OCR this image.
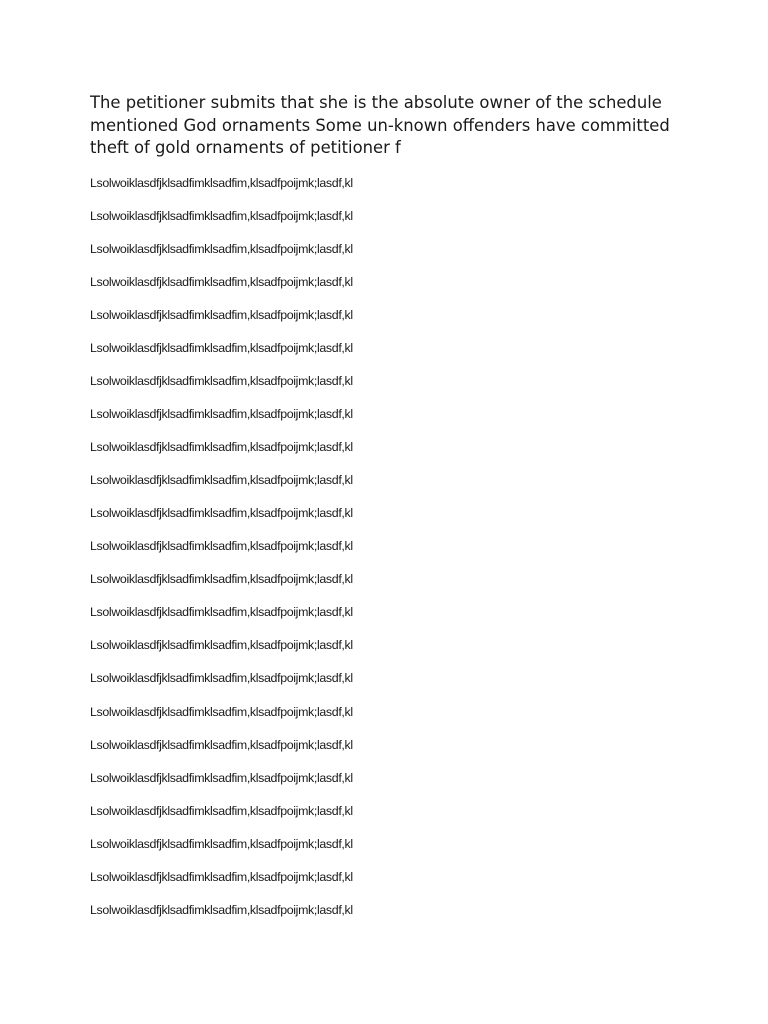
The petitioner submits that she is the absolute owner of the schedule mentioned God ornaments Some un-known offenders have committed theft of gold ornaments of petitioner f

Lsolwoiklasdfjklsadfimklsadfim,klsadfpoijmk;lasdf,kl
Lsolwoiklasdfjklsadfimklsadfim,klsadfpoijmk;lasdf,kl
Lsolwoiklasdfjklsadfimklsadfim,klsadfpoijmk;lasdf,kl
Lsolwoiklasdfjklsadfimklsadfim,klsadfpoijmk;lasdf,kl
Lsolwoiklasdfjklsadfimklsadfim,klsadfpoijmk;lasdf,kl
Lsolwoiklasdfjklsadfimklsadfim,klsadfpoijmk;lasdf,kl
Lsolwoiklasdfjklsadfimklsadfim,klsadfpoijmk;lasdf,kl
Lsolwoiklasdfjklsadfimklsadfim,klsadfpoijmk;lasdf,kl
Lsolwoiklasdfjklsadfimklsadfim,klsadfpoijmk;lasdf,kl
Lsolwoiklasdfjklsadfimklsadfim,klsadfpoijmk;lasdf,kl
Lsolwoiklasdfjklsadfimklsadfim,klsadfpoijmk;lasdf,kl
Lsolwoiklasdfjklsadfimklsadfim,klsadfpoijmk;lasdf,kl
Lsolwoiklasdfjklsadfimklsadfim,klsadfpoijmk;lasdf,kl
Lsolwoiklasdfjklsadfimklsadfim,klsadfpoijmk;lasdf,kl
Lsolwoiklasdfjklsadfimklsadfim,klsadfpoijmk;lasdf,kl
Lsolwoiklasdfjklsadfimklsadfim,klsadfpoijmk;lasdf,kl
Lsolwoiklasdfjklsadfimklsadfim,klsadfpoijmk;lasdf,kl
Lsolwoiklasdfjklsadfimklsadfim,klsadfpoijmk;lasdf,kl
Lsolwoiklasdfjklsadfimklsadfim,klsadfpoijmk;lasdf,kl
Lsolwoiklasdfjklsadfimklsadfim,klsadfpoijmk;lasdf,kl
Lsolwoiklasdfjklsadfimklsadfim,klsadfpoijmk;lasdf,kl
Lsolwoiklasdfjklsadfimklsadfim,klsadfpoijmk;lasdf,kl
Lsolwoiklasdfjklsadfimklsadfim,klsadfpoijmk;lasdf,kl
